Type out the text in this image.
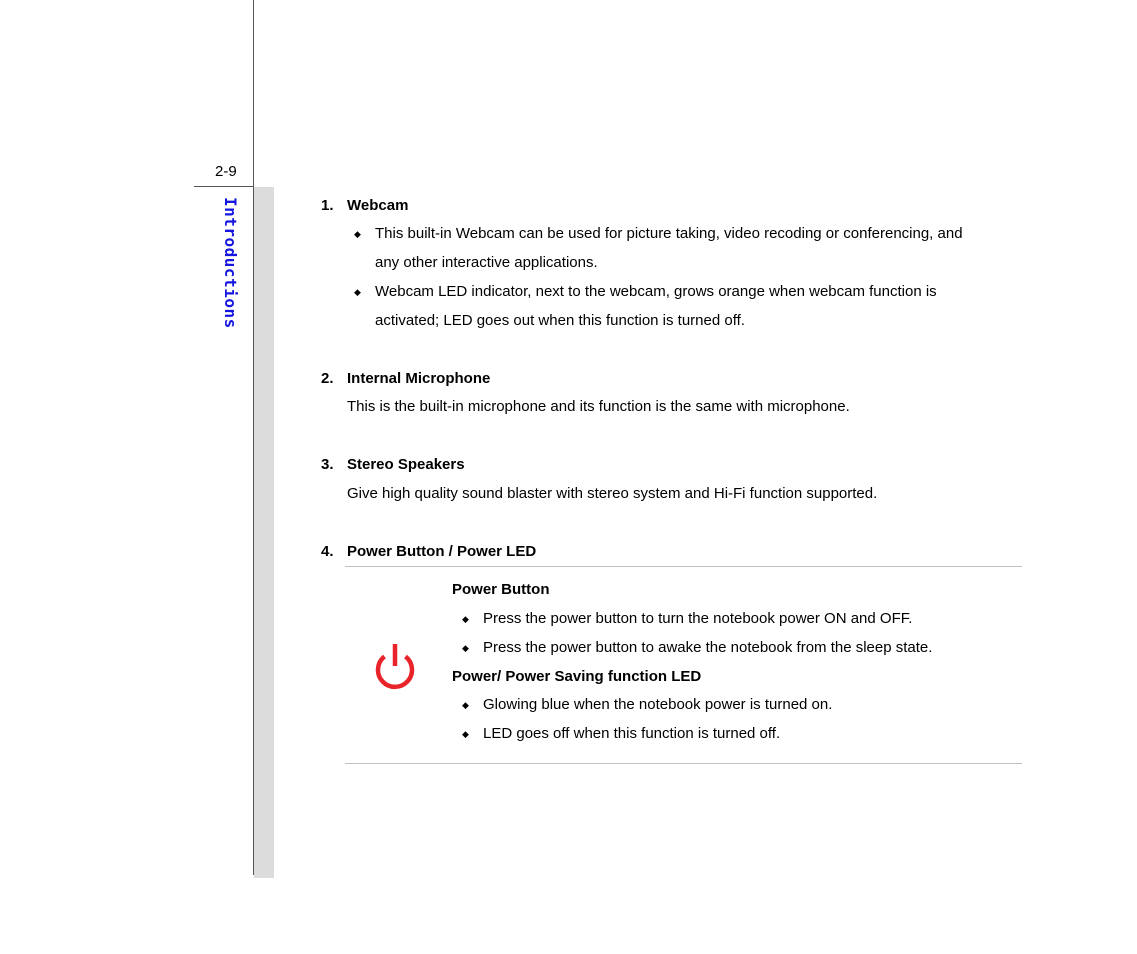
2-9
Introductions	1. Webcam
◆ This built-in Webcam can be used for picture taking, video recoding or conferencing, and
any other interactive applications.
◆ Webcam LED indicator, next to the webcam, grows orange when webcam function is
activated; LED goes out when this function is turned off.
2. Internal Microphone
This is the built-in microphone and its function is the same with microphone.
3. Stereo Speakers
Give high quality sound blaster with stereo system and Hi-Fi function supported.
4. Power Button / Power LED
Power Button
◆ Press the power button to turn the notebook power ON and OFF.
◆ Press the power button to awake the notebook from the sleep state.
Power/ Power Saving function LED
◆ Glowing blue when the notebook power is turned on.
◆ LED goes off when this function is turned off.
